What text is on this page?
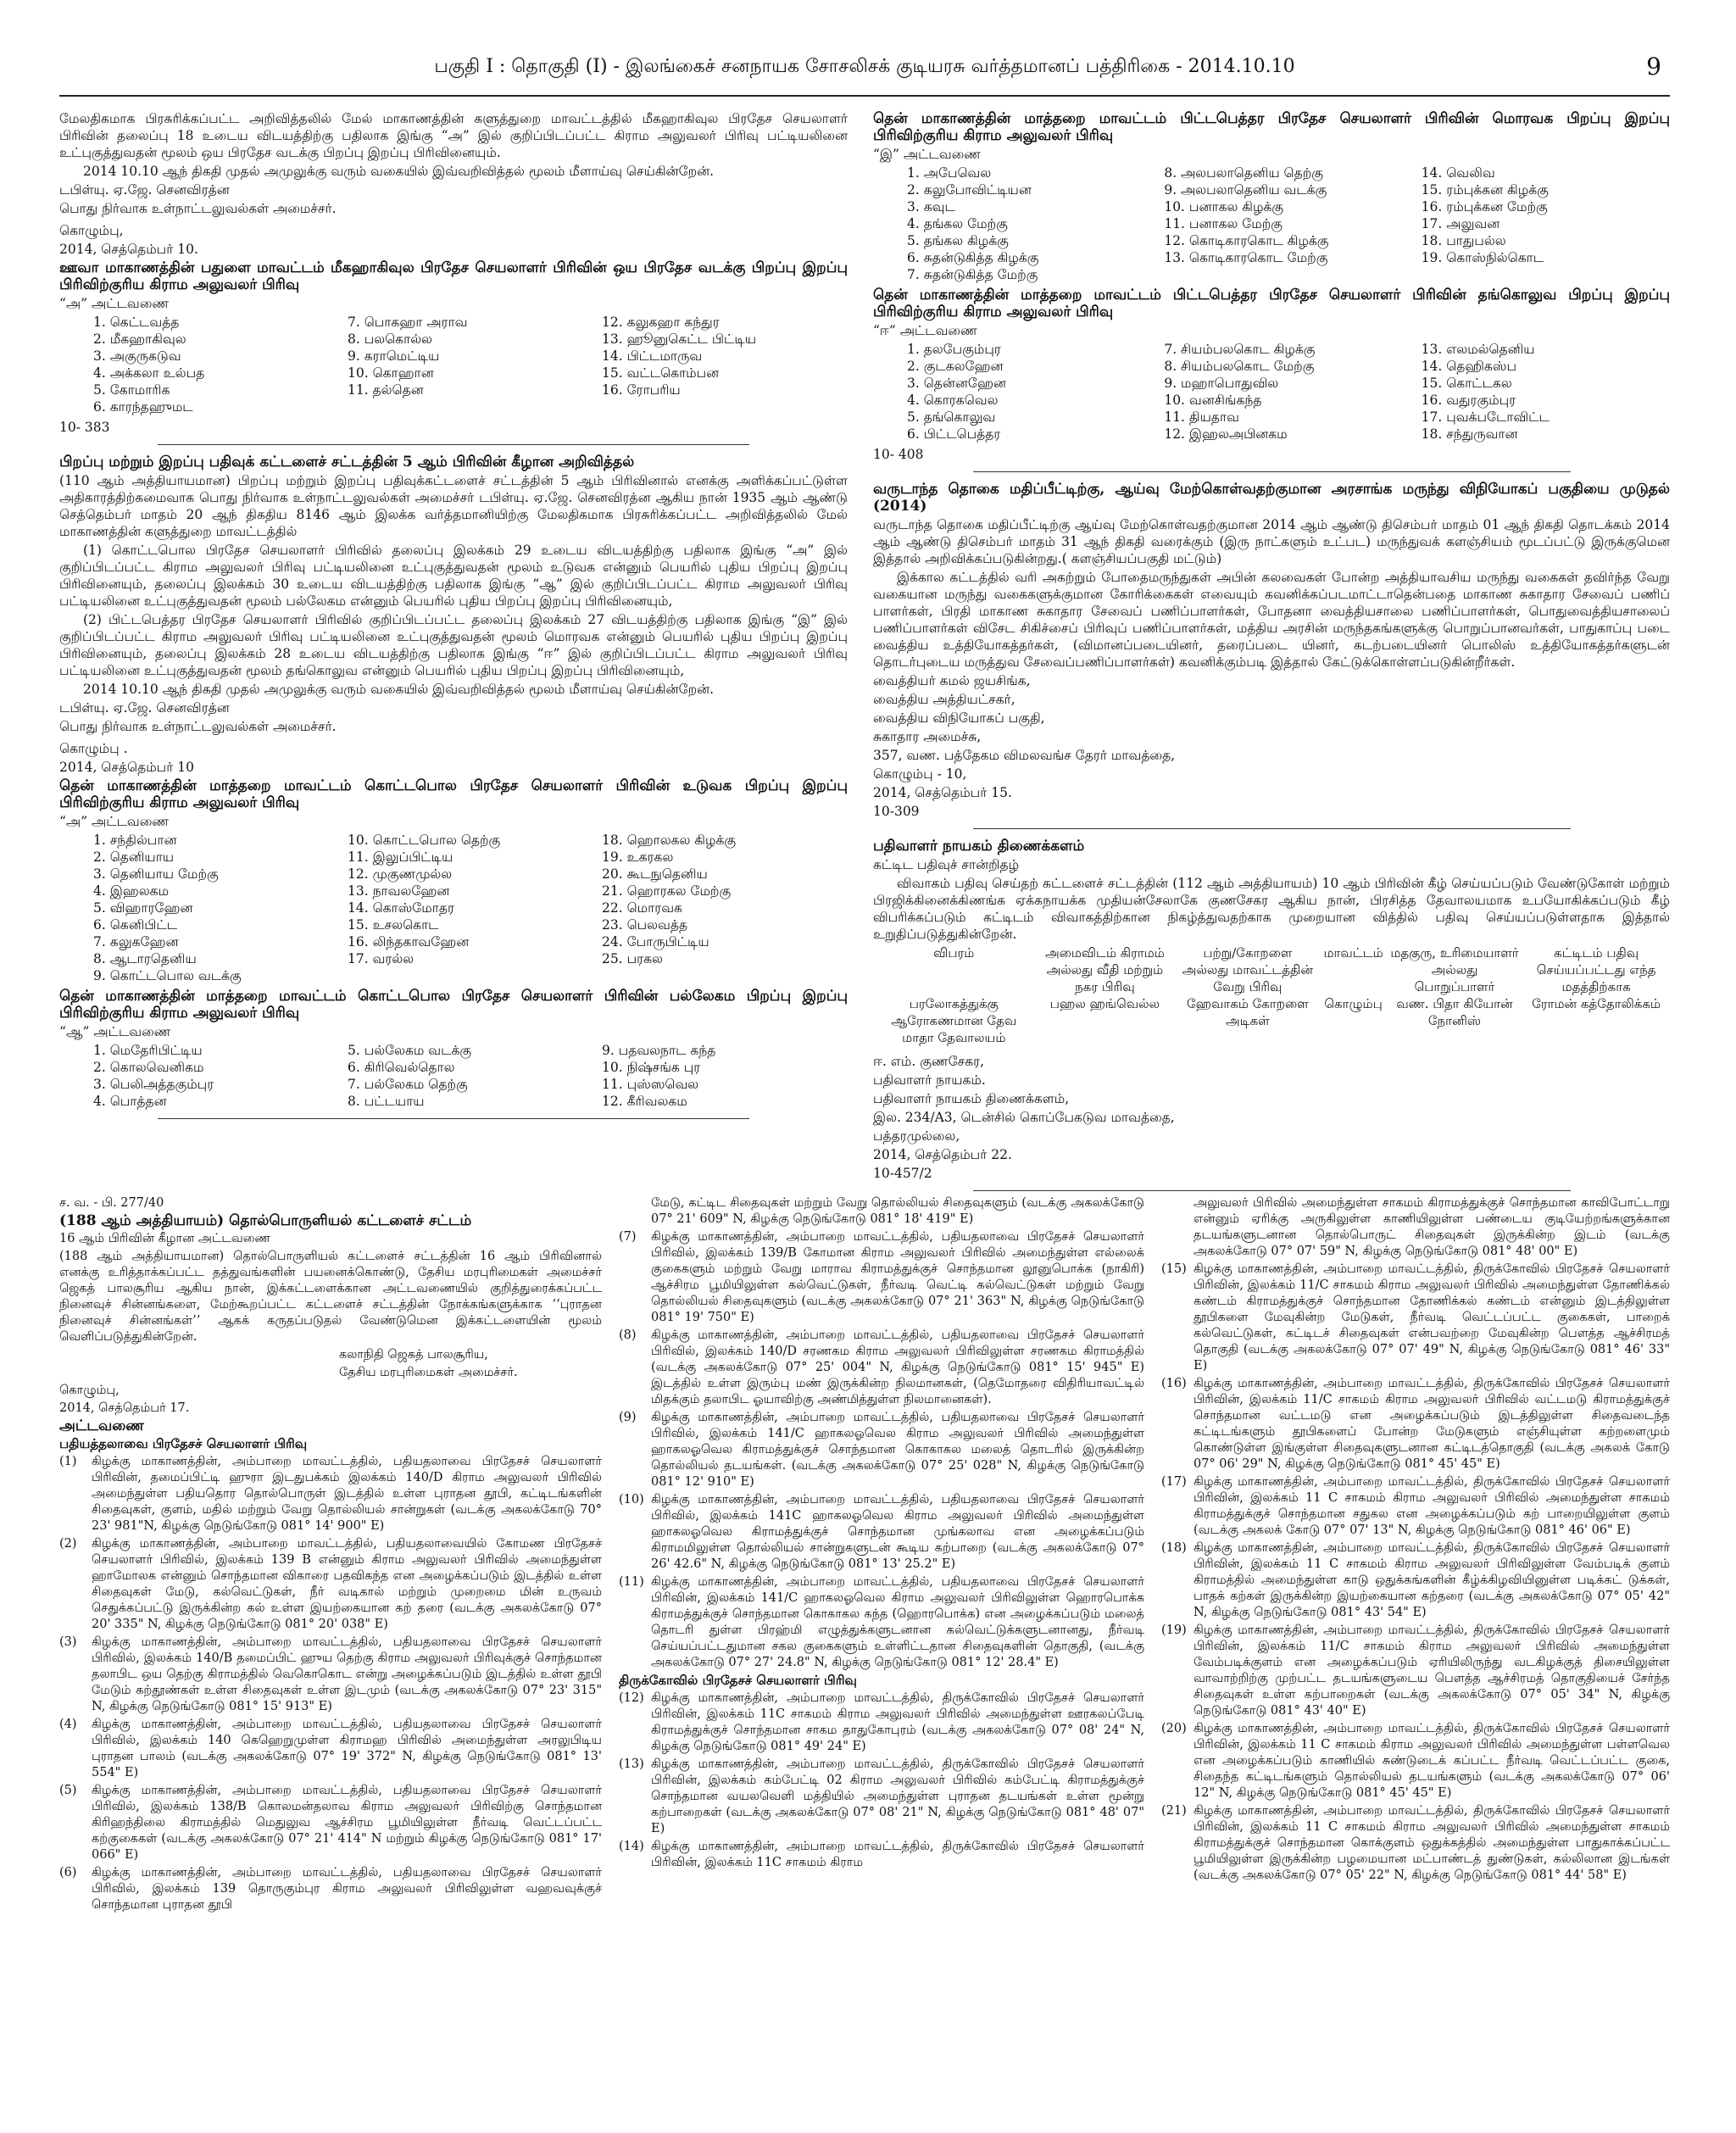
பகுதி I : தொகுதி (I) - இலங்கைச் சனநாயக சோசலிசக் குடியரசு வர்த்தமானப் பத்திரிகை - 2014.10.10	9

மேலதிகமாக பிரசுரிக்கப்பட்ட அறிவித்தலில் மேல் மாகாணத்தின் களுத்துறை மாவட்டத்தில் மீகஹாகிவுல பிரதேச செயலாளர் பிரிவின் தலைப்பு 18 உடைய விடயத்திற்கு பதிலாக இங்கு “அ” இல் குறிப்பிடப்பட்ட கிராம அலுவலர் பிரிவு பட்டியலினை உட்புகுத்துவதன் மூலம் ஒய பிரதேச வடக்கு பிறப்பு இறப்பு பிரிவினையும்.

2014 10.10 ஆந் திகதி முதல் அமுலுக்கு வரும் வகையில் இவ்வறிவித்தல் மூலம் மீளாய்வு செய்கின்றேன்.

டபிள்யு. ஏ.ஜே. செனவிரத்ன

பொது நிர்வாக உள்நாட்டலுவல்கள் அமைச்சர்.

கொழும்பு,

2014, செத்தெம்பர் 10.

ஊவா மாகாணத்தின் பதுளை மாவட்டம் மீகஹாகிவுல பிரதேச செயலாளர் பிரிவின் ஒய பிரதேச வடக்கு பிறப்பு இறப்பு பிரிவிற்குரிய கிராம அலுவலர் பிரிவு

“அ” அட்டவணை

1. கெட்டவத்த	7. பொகஹா அராவ	12. கலுகஹா கந்துர
2. மீகஹாகிவுல	8. பலகொல்ல	13. ஹூனுகெட்ட பிட்டிய
3. அகுருகடுவ	9. கராமெட்டிய	14. பிட்டமாருவ
4. அக்கலா உல்பத	10. கொஹான	15. வட்டகொம்பன
5. கோமாரிக	11. தல்தென	16. ரோபரிய
6. காரந்தஹுமட

10- 383

பிறப்பு மற்றும் இறப்பு பதிவுக் கட்டளைச் சட்டத்தின் 5 ஆம் பிரிவின் கீழான அறிவித்தல்

(110 ஆம் அத்தியாயமான) பிறப்பு மற்றும் இறப்பு பதிவுக்கட்டளைச் சட்டத்தின் 5 ஆம் பிரிவினால் எனக்கு அளிக்கப்பட்டுள்ள அதிகாரத்திற்கமைவாக பொது நிர்வாக உள்நாட்டலுவல்கள் அமைச்சர் டபிள்யு. ஏ.ஜே. செனவிரத்ன ஆகிய நான் 1935 ஆம் ஆண்டு செத்தெம்பர் மாதம் 20 ஆந் திகதிய 8146 ஆம் இலக்க வர்த்தமானியிற்கு மேலதிகமாக பிரசுரிக்கப்பட்ட அறிவித்தலில் மேல் மாகாணத்தின் களுத்துறை மாவட்டத்தில்

(1) கொட்டபொல பிரதேச செயலாளர் பிரிவில் தலைப்பு இலக்கம் 29 உடைய விடயத்திற்கு பதிலாக இங்கு “அ” இல் குறிப்பிடப்பட்ட கிராம அலுவலர் பிரிவு பட்டியலினை உட்புகுத்துவதன் மூலம் உடுவக என்னும் பெயரில் புதிய பிறப்பு இறப்பு பிரிவினையும், தலைப்பு இலக்கம் 30 உடைய விடயத்திற்கு பதிலாக இங்கு “ஆ” இல் குறிப்பிடப்பட்ட கிராம அலுவலர் பிரிவு பட்டியலினை உட்புகுத்துவதன் மூலம் பல்லேகம என்னும் பெயரில் புதிய பிறப்பு இறப்பு பிரிவினையும்,

(2) பிட்டபெத்தர பிரதேச செயலாளர் பிரிவில் குறிப்பிடப்பட்ட தலைப்பு இலக்கம் 27 விடயத்திற்கு பதிலாக இங்கு “இ” இல் குறிப்பிடப்பட்ட கிராம அலுவலர் பிரிவு பட்டியலினை உட்புகுத்துவதன் மூலம் மொரவக என்னும் பெயரில் புதிய பிறப்பு இறப்பு பிரிவினையும், தலைப்பு இலக்கம் 28 உடைய விடயத்திற்கு பதிலாக இங்கு “ஈ” இல் குறிப்பிடப்பட்ட கிராம அலுவலர் பிரிவு பட்டியலினை உட்புகுத்துவதன் மூலம் தங்கொலுவ என்னும் பெயரில் புதிய பிறப்பு இறப்பு பிரிவினையும்,

2014 10.10 ஆந் திகதி முதல் அமுலுக்கு வரும் வகையில் இவ்வறிவித்தல் மூலம் மீளாய்வு செய்கின்றேன்.

டபிள்யு. ஏ.ஜே. செனவிரத்ன

பொது நிர்வாக உள்நாட்டலுவல்கள் அமைச்சர்.

கொழும்பு .

2014, செத்தெம்பர் 10

தென் மாகாணத்தின் மாத்தறை மாவட்டம் கொட்டபொல பிரதேச செயலாளர் பிரிவின் உடுவக பிறப்பு இறப்பு பிரிவிற்குரிய கிராம அலுவலர் பிரிவு

“அ” அட்டவணை

1. சந்தில்பான	10. கொட்டபொல தெற்கு	18. ஹொலகல கிழக்கு
2. தெனியாய	11. இலுப்பிட்டிய	19. உகரகல
3. தெனியாய மேற்கு	12. முகுணமுல்ல	20. கூடநுதெனிய
4. இஹலகம	13. நாவலஹேன	21. ஹொரகல மேற்கு
5. விஹாரஹேன	14. கொஸ்மோதர	22. மொரவக
6. கெனிபிட்ட	15. உசலகொட	23. பெலவத்த
7. கலுகஹேன	16. லிந்தகாவஹேன	24. போருபிட்டிய
8. ஆடாரதெனிய	17. வரல்ல	25. பரகல
9. கொட்டபொல வடக்கு

தென் மாகாணத்தின் மாத்தறை மாவட்டம் கொட்டபொல பிரதேச செயலாளர் பிரிவின் பல்லேகம பிறப்பு இறப்பு பிரிவிற்குரிய கிராம அலுவலர் பிரிவு

“ஆ” அட்டவணை

1. மெதேரிபிட்டிய	5. பல்லேகம வடக்கு	9. பதவலநாட கந்த
2. கொலவெனிகம	6. கிரிவெல்தொல	10. நிஷ்சங்க புர
3. பெலிஅத்தகும்புர	7. பல்லேகம தெற்கு	11. புஸ்ஸவெல
4. பொத்தன	8. பட்டயாய	12. கீரிவலகம

தென் மாகாணத்தின் மாத்தறை மாவட்டம் பிட்டபெத்தர பிரதேச செயலாளர் பிரிவின் மொரவக பிறப்பு இறப்பு பிரிவிற்குரிய கிராம அலுவலர் பிரிவு

“இ” அட்டவணை

1. அபேவெல	8. அலபலாதெனிய தெற்கு	14. வெலிவ
2. கலுபோவிட்டியன	9. அலபலாதெனிய வடக்கு	15. ரம்புக்கன கிழக்கு
3. கவுட	10. பனாகல கிழக்கு	16. ரம்புக்கன மேற்கு
4. தங்கல மேற்கு	11. பனாகல மேற்கு	17. அலுவன
5. தங்கல கிழக்கு	12. கொடிகாரகொட கிழக்கு	18. பாதுபல்ல
6. சுதன்டுகித்த கிழக்கு	13. கொடிகாரகொட மேற்கு	19. கொஸ்நில்கொட
7. சுதன்டுகித்த மேற்கு

தென் மாகாணத்தின் மாத்தறை மாவட்டம் பிட்டபெத்தர பிரதேச செயலாளர் பிரிவின் தங்கொலுவ பிறப்பு இறப்பு பிரிவிற்குரிய கிராம அலுவலர் பிரிவு

“ஈ” அட்டவணை

1. தலபேகும்புர	7. சியம்பலகொட கிழக்கு	13. எலமல்தெனிய
2. குடகலஹேன	8. சியம்பலகொட மேற்கு	14. தெஹிகஸ்ப
3. தென்னஹேன	9. மஹாபொதுவில	15. கொட்டகல
4. கொரகவெல	10. வனசிங்கந்த	16. வதுரகும்புர
5. தங்கொலுவ	11. தியதாவ	17. புவக்படோவிட்ட
6. பிட்டபெத்தர	12. இஹலஅபினகம	18. சந்துருவான

10- 408

வருடாந்த தொகை மதிப்பீட்டிற்கு, ஆய்வு மேற்கொள்வதற்குமான அரசாங்க மருந்து விநியோகப் பகுதியை முடுதல் (2014)

வருடாந்த தொகை மதிப்பீட்டிற்கு ஆய்வு மேற்கொள்வதற்குமான 2014 ஆம் ஆண்டு திசெம்பர் மாதம் 01 ஆந் திகதி தொடக்கம் 2014 ஆம் ஆண்டு திசெம்பர் மாதம் 31 ஆந் திகதி வரைக்கும் (இரு நாட்களும் உட்பட) மருந்துவக் களஞ்சியம் மூடப்பட்டு இருக்குமென இத்தால் அறிவிக்கப்படுகின்றது.( களஞ்சியப்பகுதி மட்டும்)

இக்கால கட்டத்தில் வரி அகற்றும் போதைமருந்துகள் அபின் கலவைகள் போன்ற அத்தியாவசிய மருந்து வகைகள் தவிர்ந்த வேறு வகையான மருந்து வகைகளுக்குமான கோரிக்கைகள் எவையும் கவனிக்கப்படமாட்டாதென்பதை மாகாண சுகாதார சேவைப் பணிப் பாளர்கள், பிரதி மாகாண சுகாதார சேவைப் பணிப்பாளர்கள், போதனா வைத்தியசாலை பணிப்பாளர்கள், பொதுவைத்தியசாலைப் பணிப்பாளர்கள் விசேட சிகிச்சைப் பிரிவுப் பணிப்பாளர்கள், மத்திய அரசின் மருந்தகங்களுக்கு பொறுப்பானவர்கள், பாதுகாப்பு படை வைத்திய உத்தியோகத்தர்கள், (விமானப்படையினர், தரைப்படை யினர், கடற்படையினர் பொலிஸ் உத்தியோகத்தர்களுடன் தொடர்புடைய மருத்துவ சேவைப்பணிப்பாளர்கள்) கவனிக்கும்படி இத்தால் கேட்டுக்கொள்ளப்படுகின்றீர்கள்.

வைத்தியர் கமல் ஜயசிங்க,

வைத்திய அத்தியட்சகர்,

வைத்திய விநியோகப் பகுதி,

சுகாதார அமைச்சு,

357, வண. பத்தேகம விமலவங்ச தேரர் மாவத்தை,

கொழும்பு - 10,

2014, செத்தெம்பர் 15.

10-309

பதிவாளர் நாயகம் திணைக்களம்

கட்டிட பதிவுச் சான்றிதழ்

விவாகம் பதிவு செய்தற் கட்டளைச் சட்டத்தின் (112 ஆம் அத்தியாயம்) 10 ஆம் பிரிவின் கீழ் செய்யப்படும் வேண்டுகோள் மற்றும் பிரஜிக்கினைக்கிணங்க ஏக்கநாயக்க முதியன்சேலாகே குணசேகர ஆகிய நான், பிரசித்த தேவாலயமாக உபயோகிக்கப்படும் கீழ் விபரிக்கப்படும் கட்டிடம் விவாகத்திற்கான நிகழ்த்துவதற்காக முறையான வித்தில் பதிவு செய்யப்படுள்ளதாக இத்தால் உறுதிப்படுத்துகின்றேன்.

விபரம்	அமைவிடம் கிராமம் அல்லது வீதி மற்றும் நகர பிரிவு	பற்று/கோறளை அல்லது மாவட்டத்தின் வேறு பிரிவு	மாவட்டம்	மதகுரு, உரிமையாளர் அல்லது பொறுப்பாளர்	கட்டிடம் பதிவு செய்யப்பட்டது எந்த மதத்திற்காக
பரலோகத்துக்கு ஆரோகணமான தேவ மாதா தேவாலயம்	பஹல ஹங்வெல்ல	ஹேவாகம் கோறளை அடிகள்	கொழும்பு	வண. பிதா கியோன் நோனிஸ்	ரோமன் கத்தோலிக்கம்

ஈ. எம். குணசேகர,

பதிவாளர் நாயகம்.

பதிவாளர் நாயகம் திணைக்களம்,

இல. 234/A3, டென்சில் கொப்பேகடுவ மாவத்தை,

பத்தரமுல்லை,

2014, செத்தெம்பர் 22.

10-457/2

ச. வ. - பி. 277/40

(188 ஆம் அத்தியாயம்) தொல்பொருளியல் கட்டளைச் சட்டம்

16 ஆம் பிரிவின் கீழான அட்டவணை

(188 ஆம் அத்தியாயமான) தொல்பொருளியல் கட்டளைச் சட்டத்தின் 16 ஆம் பிரிவினால் எனக்கு உரித்தாக்கப்பட்ட தத்துவங்களின் பயனைக்கொண்டு, தேசிய மரபுரிமைகள் அமைச்சர் ஜெகத் பாலசூரிய ஆகிய நான், இக்கட்டளைக்கான அட்டவணையில் குறித்துரைக்கப்பட்ட நினைவுச் சின்னங்களை, மேற்கூறப்பட்ட கட்டளைச் சட்டத்தின் நோக்கங்களுக்காக ‘‘புராதன நினைவுச் சின்னங்கள்’’ ஆகக் கருதப்படுதல் வேண்டுமென இக்கட்டளையின் மூலம் வெளிப்படுத்துகின்றேன்.

கலாநிதி ஜெகத் பாலசூரிய,

தேசிய மரபுரிமைகள் அமைச்சர்.

கொழும்பு,

2014, செத்தெம்பர் 17.

அட்டவணை

பதியத்தலாவை பிரதேசச் செயலாளர் பிரிவு

(1)	கிழக்கு மாகாணத்தின், அம்பாறை மாவட்டத்தில், பதியதலாவை பிரதேசச் செயலாளர் பிரிவின், தமைப்பிட்டி ஹுரா இடதுபக்கம் இலக்கம் 140/D கிராம அலுவலர் பிரிவில் அமைந்துள்ள பதியதொர தொல்பொருள் இடத்தில் உள்ள புராதன தூபி, கட்டிடங்களின் சிதைவுகள், குளம், மதில் மற்றும் வேறு தொல்லியல் சான்றுகள் (வடக்கு அகலக்கோடு 70° 23' 981"N, கிழக்கு நெடுங்கோடு 081° 14' 900" E)
(2)	கிழக்கு மாகாணத்தின், அம்பாறை மாவட்டத்தில், பதியதலாவையில் கோமண பிரதேசச் செயலாளர் பிரிவில், இலக்கம் 139 B என்னும் கிராம அலுவலர் பிரிவில் அமைந்துள்ள ஹாமோலக என்னும் சொந்தமான விகாரை பதவிகந்த என அழைக்கப்படும் இடத்தில் உள்ள சிதைவுகள் மேடு, கல்வெட்டுகள், நீர் வடிகால் மற்றும் முறைமை மின் உருவம் செதுக்கப்பட்டு இருக்கின்ற கல் உள்ள இயற்கையான கற் தரை (வடக்கு அகலக்கோடு 07° 20' 335" N, கிழக்கு நெடுங்கோடு 081° 20' 038" E)
(3)	கிழக்கு மாகாணத்தின், அம்பாறை மாவட்டத்தில், பதியதலாவை பிரதேசச் செயலாளர் பிரிவில், இலக்கம் 140/B தமைப்பிட் ஹுய தெற்கு கிராம அலுவலர் பிரிவுக்குச் சொந்தமான தலாபிட ஒய தெற்கு கிராமத்தில் வெகொகொட என்று அழைக்கப்படும் இடத்தில் உள்ள தூபி மேடும் கற்தூண்கள் உள்ள சிதைவுகள் உள்ள இடமும் (வடக்கு அகலக்கோடு 07° 23' 315" N, கிழக்கு நெடுங்கோடு 081° 15' 913" E)
(4)	கிழக்கு மாகாணத்தின், அம்பாறை மாவட்டத்தில், பதியதலாவை பிரதேசச் செயலாளர் பிரிவில், இலக்கம் 140 கெஹெறுமுள்ள கிராமஹ பிரிவில் அமைந்துள்ள அரலுபிடிய புராதன பாலம் (வடக்கு அகலக்கோடு 07° 19' 372" N, கிழக்கு நெடுங்கோடு 081° 13' 554" E)
(5)	கிழக்கு மாகாணத்தின், அம்பாறை மாவட்டத்தில், பதியதலாவை பிரதேசச் செயலாளர் பிரிவில், இலக்கம் 138/B கொலமன்தலாவ கிராம அலுவலர் பிரிவிற்கு சொந்தமான கிரிஹந்திலை கிராமத்தில் மெதுலுவ ஆச்சிரம பூமியிலுள்ள நீர்வடி வெட்டப்பட்ட கற்குகைகள் (வடக்கு அகலக்கோடு 07° 21' 414" N மற்றும் கிழக்கு நெடுங்கோடு 081° 17' 066" E)
(6)	கிழக்கு மாகாணத்தின், அம்பாறை மாவட்டத்தில், பதியதலாவை பிரதேசச் செயலாளர் பிரிவில், இலக்கம் 139 தொருகும்புர கிராம அலுவலர் பிரிவிலுள்ள வஹவவுக்குச் சொந்தமான புராதன தூபி

மேடு, கட்டிட சிதைவுகள் மற்றும் வேறு தொல்லியல் சிதைவுகளும் (வடக்கு அகலக்கோடு 07° 21' 609" N, கிழக்கு நெடுங்கோடு 081° 18' 419" E)

(7)	கிழக்கு மாகாணத்தின், அம்பாறை மாவட்டத்தில், பதியதலாவை பிரதேசச் செயலாளர் பிரிவில், இலக்கம் 139/B கோமான கிராம அலுவலர் பிரிவில் அமைந்துள்ள எல்லைக் குகைகளும் மற்றும் வேறு மாராவ கிராமத்துக்குச் சொந்தமான லூனுபொக்க (நாகிரி) ஆச்சிரம பூமியிலுள்ள கல்வெட்டுகள், நீர்வடி வெட்டி கல்வெட்டுகள் மற்றும் வேறு தொல்லியல் சிதைவுகளும் (வடக்கு அகலக்கோடு 07° 21' 363" N, கிழக்கு நெடுங்கோடு 081° 19' 750" E)
(8)	கிழக்கு மாகாணத்தின், அம்பாறை மாவட்டத்தில், பதியதலாவை பிரதேசச் செயலாளர் பிரிவில், இலக்கம் 140/D சரணகம கிராம அலுவலர் பிரிவிலுள்ள சரணகம கிராமத்தில் (வடக்கு அகலக்கோடு 07° 25' 004" N, கிழக்கு நெடுங்கோடு 081° 15' 945" E) இடத்தில் உள்ள இரும்பு மண் இருக்கின்ற நிலமானகள், (தெமோதரை விதிரியாவட்டில் மிதக்கும் தலாபிட ஓயாவிற்கு அண்மித்துள்ள நிலமானைகள்).
(9)	கிழக்கு மாகாணத்தின், அம்பாறை மாவட்டத்தில், பதியதலாவை பிரதேசச் செயலாளர் பிரிவில், இலக்கம் 141/C ஹாகலஓவெல கிராம அலுவலர் பிரிவில் அமைந்துள்ள ஹாகலஓவெல கிராமத்துக்குச் சொந்தமான கொகாகல மலைத் தொடரில் இருக்கின்ற தொல்லியல் தடயங்கள். (வடக்கு அகலக்கோடு 07° 25' 028" N, கிழக்கு நெடுங்கோடு 081° 12' 910" E)
(10) கிழக்கு மாகாணத்தின், அம்பாறை மாவட்டத்தில், பதியதலாவை பிரதேசச் செயலாளர் பிரிவில், இலக்கம் 141C ஹாகலஓவெல கிராம அலுவலர் பிரிவில் அமைந்துள்ள ஹாகலஓவெல கிராமத்துக்குச் சொந்தமான முங்கலாவ என அழைக்கப்படும் கிராமமிலுள்ள தொல்லியல் சான்றுகளுடன் கூடிய கற்பாறை (வடக்கு அகலக்கோடு 07° 26' 42.6" N, கிழக்கு நெடுங்கோடு 081° 13' 25.2" E)
(11) கிழக்கு மாகாணத்தின், அம்பாறை மாவட்டத்தில், பதியதலாவை பிரதேசச் செயலாளர் பிரிவின், இலக்கம் 141/C ஹாகலஓவெல கிராம அலுவலர் பிரிவிலுள்ள ஹொரபொக்க கிராமத்துக்குச் சொந்தமான கொகாகல கந்த (ஹொரபொக்க) என அழைக்கப்படும் மலைத் தொடரி துள்ள பிரஹ்மி எழுத்துக்களுடனான கல்வெட்டுக்களுடனானது, நீர்வடி செய்யப்பட்டதுமான சகல குகைகளும் உள்ளிட்டதான சிதைவுகளின் தொகுதி, (வடக்கு அகலக்கோடு 07° 27' 24.8" N, கிழக்கு நெடுங்கோடு 081° 12' 28.4" E)

திருக்கோவில் பிரதேசச் செயலாளர் பிரிவு

(12) கிழக்கு மாகாணத்தின், அம்பாறை மாவட்டத்தில், திருக்கோவில் பிரதேசச் செயலாளர் பிரிவின், இலக்கம் 11C சாகமம் கிராம அலுவலர் பிரிவில் அமைந்துள்ள ஊரகலப்பேடி கிராமத்துக்குச் சொந்தமான சாகம தாதுகோபுரம் (வடக்கு அகலக்கோடு 07° 08' 24" N, கிழக்கு நெடுங்கோடு 081° 49' 24" E)
(13) கிழக்கு மாகாணத்தின், அம்பாறை மாவட்டத்தில், திருக்கோவில் பிரதேசச் செயலாளர் பிரிவின், இலக்கம் கம்பேட்டி 02 கிராம அலுவலர் பிரிவில் கம்பேட்டி கிராமத்துக்குச் சொந்தமான வயலவெளி மத்தியில் அமைந்துள்ள புராதன தடயங்கள் உள்ள மூன்று கற்பாறைகள் (வடக்கு அகலக்கோடு 07° 08' 21" N, கிழக்கு நெடுங்கோடு 081° 48' 07" E)
(14) கிழக்கு மாகாணத்தின், அம்பாறை மாவட்டத்தில், திருக்கோவில் பிரதேசச் செயலாளர் பிரிவின், இலக்கம் 11C சாகமம் கிராம

அலுவலர் பிரிவில் அமைந்துள்ள சாகமம் கிராமத்துக்குச் சொந்தமான காவிபோட்டாறு என்னும் ஏரிக்கு அருகிலுள்ள காணியிலுள்ள பண்டைய குடியேற்றங்களுக்கான தடயங்களுடனான தொல்பொருட் சிதைவுகள் இருக்கின்ற இடம் (வடக்கு அகலக்கோடு 07° 07' 59" N, கிழக்கு நெடுங்கோடு 081° 48' 00" E)

(15) கிழக்கு மாகாணத்தின், அம்பாறை மாவட்டத்தில், திருக்கோவில் பிரதேசச் செயலாளர் பிரிவின், இலக்கம் 11/C சாகமம் கிராம அலுவலர் பிரிவில் அமைந்துள்ள தோணிக்கல் கண்டம் கிராமத்துக்குச் சொந்தமான தோணிக்கல் கண்டம் என்னும் இடத்திலுள்ள தூபிகளை மேவுகின்ற மேடுகள், நீர்வடி வெட்டப்பட்ட குகைகள், பாறைக் கல்வெட்டுகள், கட்டிடச் சிதைவுகள் என்பவற்றை மேவுகின்ற பௌத்த ஆச்சிரமத் தொகுதி (வடக்கு அகலக்கோடு 07° 07' 49" N, கிழக்கு நெடுங்கோடு 081° 46' 33" E)
(16) கிழக்கு மாகாணத்தின், அம்பாறை மாவட்டத்தில், திருக்கோவில் பிரதேசச் செயலாளர் பிரிவின், இலக்கம் 11/C சாகமம் கிராம அலுவலர் பிரிவில் வட்டமடு கிராமத்துக்குச் சொந்தமான வட்டமடு என அழைக்கப்படும் இடத்திலுள்ள சிதைவடைந்த கட்டிடங்களும் தூபிகளைப் போன்ற மேடுகளும் எஞ்சியுள்ள கற்றளைமும் கொண்டுள்ள இங்குள்ள சிதைவுகளுடனான கட்டிடத்தொகுதி (வடக்கு அகலக் கோடு 07° 06' 29" N, கிழக்கு நெடுங்கோடு 081° 45' 45" E)
(17) கிழக்கு மாகாணத்தின், அம்பாறை மாவட்டத்தில், திருக்கோவில் பிரதேசச் செயலாளர் பிரிவின், இலக்கம் 11 C சாகமம் கிராம அலுவலர் பிரிவில் அமைந்துள்ள சாகமம் கிராமத்துக்குச் சொந்தமான சதுகல என அழைக்கப்படும் கற் பாறையிலுள்ள குளம் (வடக்கு அகலக் கோடு 07° 07' 13" N, கிழக்கு நெடுங்கோடு 081° 46' 06" E)
(18) கிழக்கு மாகாணத்தின், அம்பாறை மாவட்டத்தில், திருக்கோவில் பிரதேசச் செயலாளர் பிரிவின், இலக்கம் 11 C சாகமம் கிராம அலுவலர் பிரிவிலுள்ள வேம்படிக் குளம் கிராமத்தில் அமைந்துள்ள காடு ஒதுக்கங்களின் கீழ்க்கிழவியினுள்ள படிக்கட் டுக்கள், பாதக் கற்கள் இருக்கின்ற இயற்கையான கற்தரை (வடக்கு அகலக்கோடு 07° 05' 42" N, கிழக்கு நெடுங்கோடு 081° 43' 54" E)
(19) கிழக்கு மாகாணத்தின், அம்பாறை மாவட்டத்தில், திருக்கோவில் பிரதேசச் செயலாளர் பிரிவின், இலக்கம் 11/C சாகமம் கிராம அலுவலர் பிரிவில் அமைந்துள்ள வேம்படிக்குளம் என அழைக்கப்படும் ஏரியிலிருந்து வடகிழக்குத் திசையிலுள்ள வாவாற்றிற்கு முற்பட்ட தடயங்களுடைய பௌத்த ஆச்சிரமத் தொகுதியைச் சேர்ந்த சிதைவுகள் உள்ள கற்பாறைகள் (வடக்கு அகலக்கோடு 07° 05' 34" N, கிழக்கு நெடுங்கோடு 081° 43' 40" E)
(20) கிழக்கு மாகாணத்தின், அம்பாறை மாவட்டத்தில், திருக்கோவில் பிரதேசச் செயலாளர் பிரிவின், இலக்கம் 11 C சாகமம் கிராம அலுவலர் பிரிவில் அமைந்துள்ள பள்ளவெல என அழைக்கப்படும் காணியில் சுண்டுடைக் கப்பட்ட நீர்வடி வெட்டப்பட்ட குகை, சிதைந்த கட்டிடங்களும் தொல்லியல் தடயங்களும் (வடக்கு அகலக்கோடு 07° 06' 12" N, கிழக்கு நெடுங்கோடு 081° 45' 45" E)
(21) கிழக்கு மாகாணத்தின், அம்பாறை மாவட்டத்தில், திருக்கோவில் பிரதேசச் செயலாளர் பிரிவின், இலக்கம் 11 C சாகமம் கிராம அலுவலர் பிரிவில் அமைந்துள்ள சாகமம் கிராமத்துக்குச் சொந்தமான கொக்குளம் ஒதுக்கத்தில் அமைந்துள்ள பாதுகாக்கப்பட்ட பூமியிலுள்ள இருக்கின்ற பழமையான மட்பாண்டத் துண்டுகள், கல்லிலான இடங்கள் (வடக்கு அகலக்கோடு 07° 05' 22" N, கிழக்கு நெடுங்கோடு 081° 44' 58" E)
